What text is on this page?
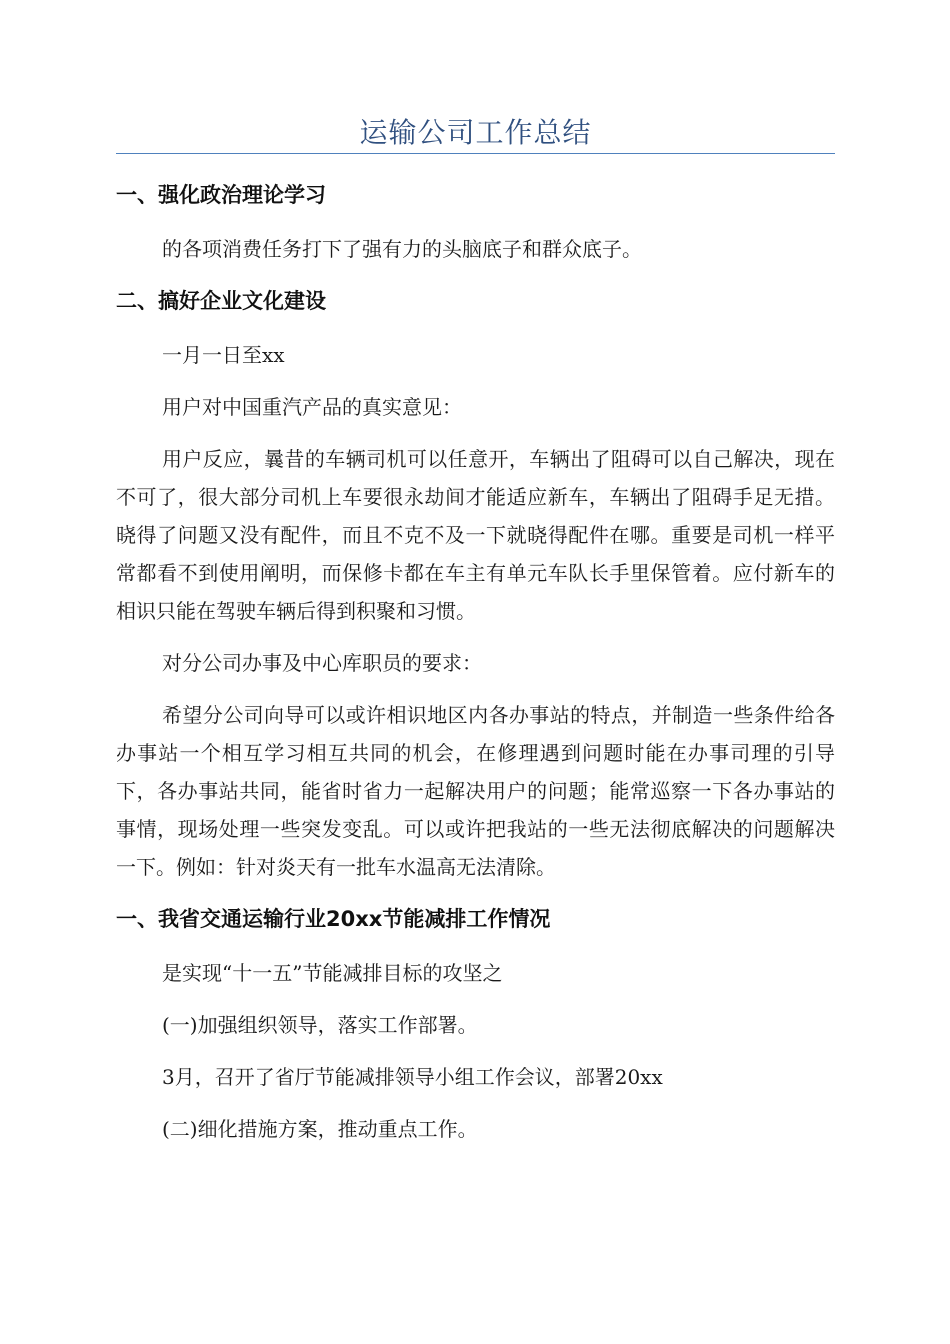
运输公司工作总结
一、强化政治理论学习
的各项消费任务打下了强有力的头脑底子和群众底子。
二、搞好企业文化建设
一月一日至xx
用户对中国重汽产品的真实意见：
用户反应，曩昔的车辆司机可以任意开，车辆出了阻碍可以自己解决，现在不可了，很大部分司机上车要很永劫间才能适应新车，车辆出了阻碍手足无措。晓得了问题又没有配件，而且不克不及一下就晓得配件在哪。重要是司机一样平常都看不到使用阐明，而保修卡都在车主有单元车队长手里保管着。应付新车的相识只能在驾驶车辆后得到积聚和习惯。
对分公司办事及中心库职员的要求：
希望分公司向导可以或许相识地区内各办事站的特点，并制造一些条件给各办事站一个相互学习相互共同的机会，在修理遇到问题时能在办事司理的引导下，各办事站共同，能省时省力一起解决用户的问题；能常巡察一下各办事站的事情，现场处理一些突发变乱。可以或许把我站的一些无法彻底解决的问题解决一下。例如：针对炎天有一批车水温高无法清除。
一、我省交通运输行业20xx节能减排工作情况
是实现“十一五”节能减排目标的攻坚之
(一)加强组织领导，落实工作部署。
3月，召开了省厅节能减排领导小组工作会议，部署20xx
(二)细化措施方案，推动重点工作。
